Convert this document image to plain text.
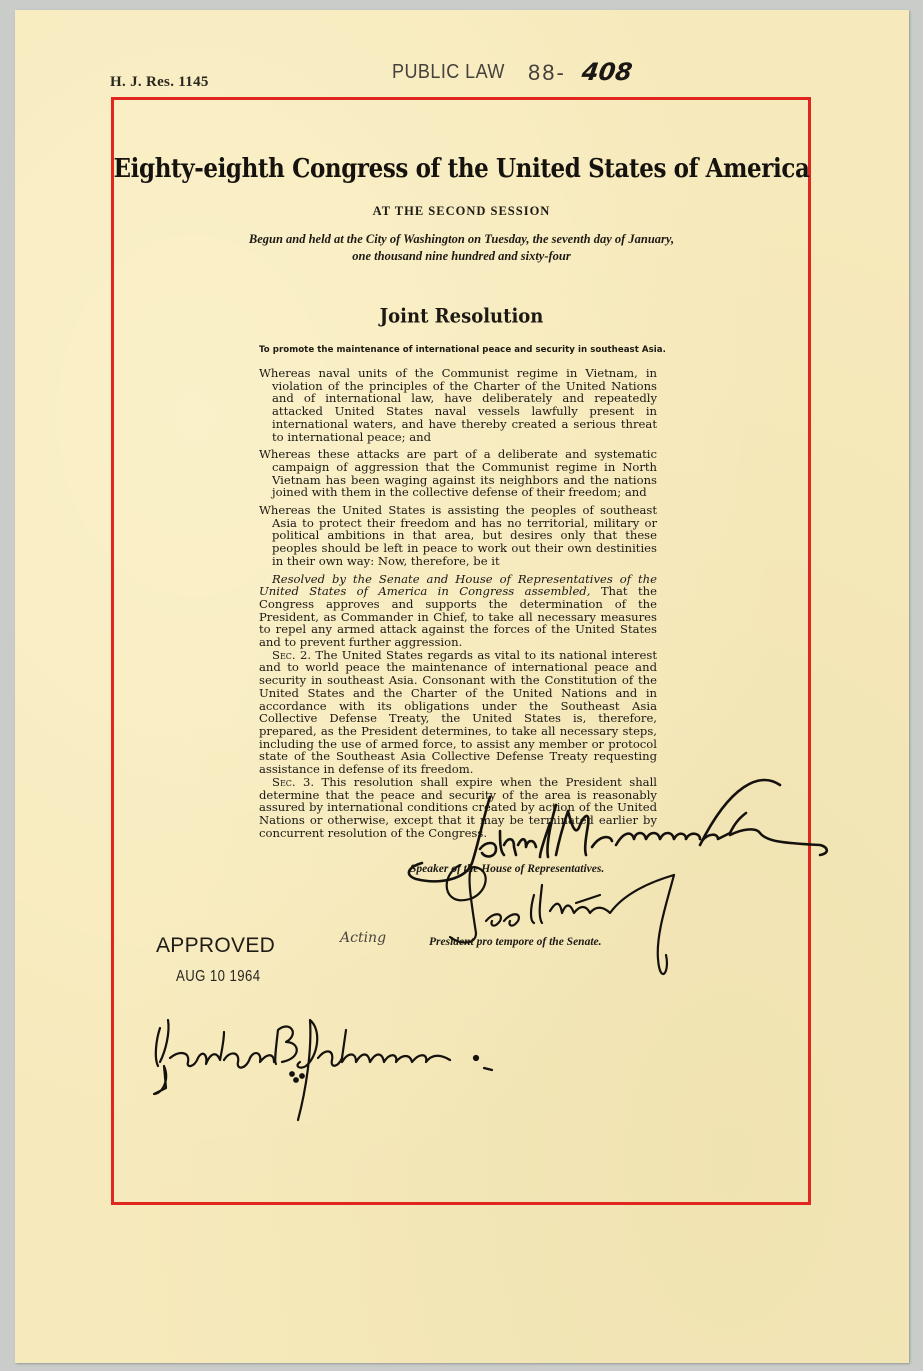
H. J. Res. 1145	PUBLIC LAW 88- 408
Eighty-eighth Congress of the United States of America
AT THE SECOND SESSION
Begun and held at the City of Washington on Tuesday, the seventh day of January,
one thousand nine hundred and sixty-four
Joint Resolution
To promote the maintenance of international peace and security in southeast Asia.

Whereas naval units of the Communist regime in Vietnam, in violation of the principles of the Charter of the United Nations and of international law, have deliberately and repeatedly attacked United States naval vessels lawfully present in international waters, and have thereby created a serious threat to international peace; and

Whereas these attacks are part of a deliberate and systematic campaign of aggression that the Communist regime in North Vietnam has been waging against its neighbors and the nations joined with them in the collective defense of their freedom; and

Whereas the United States is assisting the peoples of southeast Asia to protect their freedom and has no territorial, military or political ambitions in that area, but desires only that these peoples should be left in peace to work out their own destinities in their own way: Now, therefore, be it

Resolved by the Senate and House of Representatives of the United States of America in Congress assembled, That the Congress approves and supports the determination of the President, as Commander in Chief, to take all necessary measures to repel any armed attack against the forces of the United States and to prevent further aggression.

Sec. 2. The United States regards as vital to its national interest and to world peace the maintenance of international peace and security in southeast Asia. Consonant with the Constitution of the United States and the Charter of the United Nations and in accordance with its obligations under the Southeast Asia Collective Defense Treaty, the United States is, therefore, prepared, as the President determines, to take all necessary steps, including the use of armed force, to assist any member or protocol state of the Southeast Asia Collective Defense Treaty requesting assistance in defense of its freedom.

Sec. 3. This resolution shall expire when the President shall determine that the peace and security of the area is reasonably assured by international conditions created by action of the United Nations or otherwise, except that it may be terminated earlier by concurrent resolution of the Congress.

Speaker of the House of Representatives.
Acting	President pro tempore of the Senate.
APPROVED
AUG 10 1964
